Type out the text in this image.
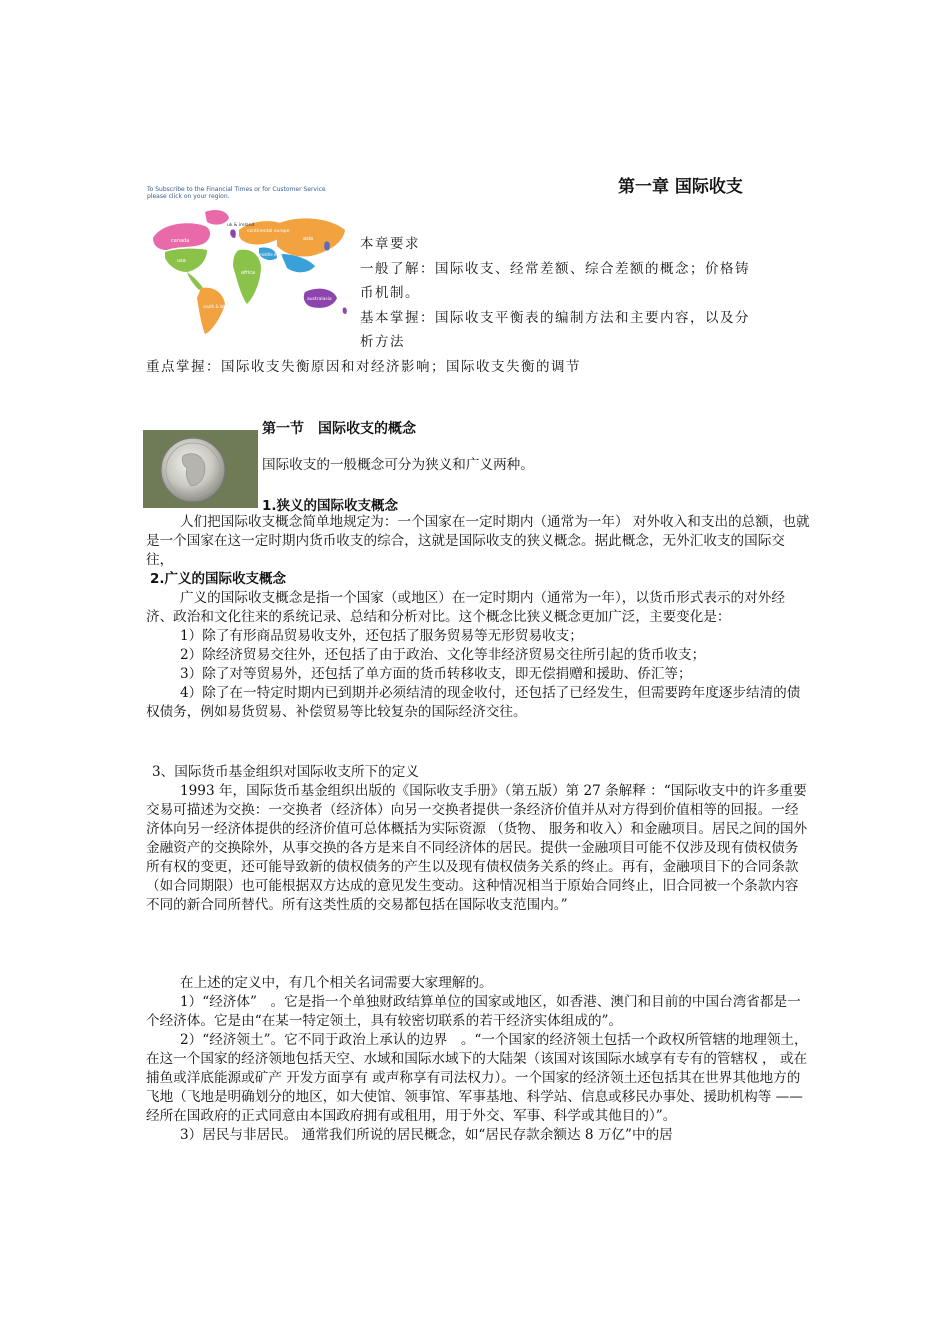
第一章 国际收支
To Subscribe to the Financial Times or for Customer Service
please click on your region.
canada
uk & ireland
continental europe
usa
middle east
africa
asia
japan
south & latin america
australasia
本章要求
一般了解：国际收支、经常差额、综合差额的概念；价格铸
币机制。
基本掌握：国际收支平衡表的编制方法和主要内容，以及分
析方法
重点掌握：国际收支失衡原因和对经济影响；国际收支失衡的调节
第一节　国际收支的概念
国际收支的一般概念可分为狭义和广义两种。
1.狭义的国际收支概念

人们把国际收支概念简单地规定为：一个国家在一定时期内（通常为一年） 对外收入和支出的总额，也就是一个国家在这一定时期内货币收支的综合，这就是国际收支的狭义概念。据此概念，无外汇收支的国际交往，

2.广义的国际收支概念

广义的国际收支概念是指一个国家（或地区）在一定时期内（通常为一年），以货币形式表示的对外经济、政治和文化往来的系统记录、总结和分析对比。这个概念比狭义概念更加广泛，主要变化是：

1）除了有形商品贸易收支外，还包括了服务贸易等无形贸易收支；

2）除经济贸易交往外，还包括了由于政治、文化等非经济贸易交往所引起的货币收支；

3）除了对等贸易外，还包括了单方面的货币转移收支，即无偿捐赠和援助、侨汇等；

4）除了在一特定时期内已到期并必须结清的现金收付，还包括了已经发生，但需要跨年度逐步结清的债权债务，例如易货贸易、补偿贸易等比较复杂的国际经济交往。

3、国际货币基金组织对国际收支所下的定义

1993 年，国际货币基金组织出版的《国际收支手册》（第五版）第 27 条解释 ：“国际收支中的许多重要交易可描述为交换：一交换者（经济体）向另一交换者提供一条经济价值并从对方得到价值相等的回报。一经济体向另一经济体提供的经济价值可总体概括为实际资源 （货物、 服务和收入）和金融项目。居民之间的国外金融资产的交换除外，从事交换的各方是来自不同经济体的居民。提供一金融项目可能不仅涉及现有债权债务所有权的变更，还可能导致新的债权债务的产生以及现有债权债务关系的终止。再有，金融项目下的合同条款（如合同期限）也可能根据双方达成的意见发生变动。这种情况相当于原始合同终止，旧合同被一个条款内容不同的新合同所替代。所有这类性质的交易都包括在国际收支范围内。”

在上述的定义中，有几个相关名词需要大家理解的。

1）“经济体”　。它是指一个单独财政结算单位的国家或地区，如香港、澳门和目前的中国台湾省都是一个经济体。它是由“在某一特定领土，具有较密切联系的若干经济实体组成的”。

2）“经济领土”。它不同于政治上承认的边界　。“一个国家的经济领土包括一个政权所管辖的地理领土，在这一个国家的经济领地包括天空、水域和国际水域下的大陆架（该国对该国际水域享有专有的管辖权 ， 或在捕鱼或洋底能源或矿产 开发方面享有 或声称享有司法权力）。一个国家的经济领土还包括其在世界其他地方的飞地（飞地是明确划分的地区，如大使馆、领事馆、军事基地、科学站、信息或移民办事处、援助机构等 —— 经所在国政府的正式同意由本国政府拥有或租用，用于外交、军事、科学或其他目的）”。

3）居民与非居民。 通常我们所说的居民概念，如“居民存款余额达 8 万亿”中的居
